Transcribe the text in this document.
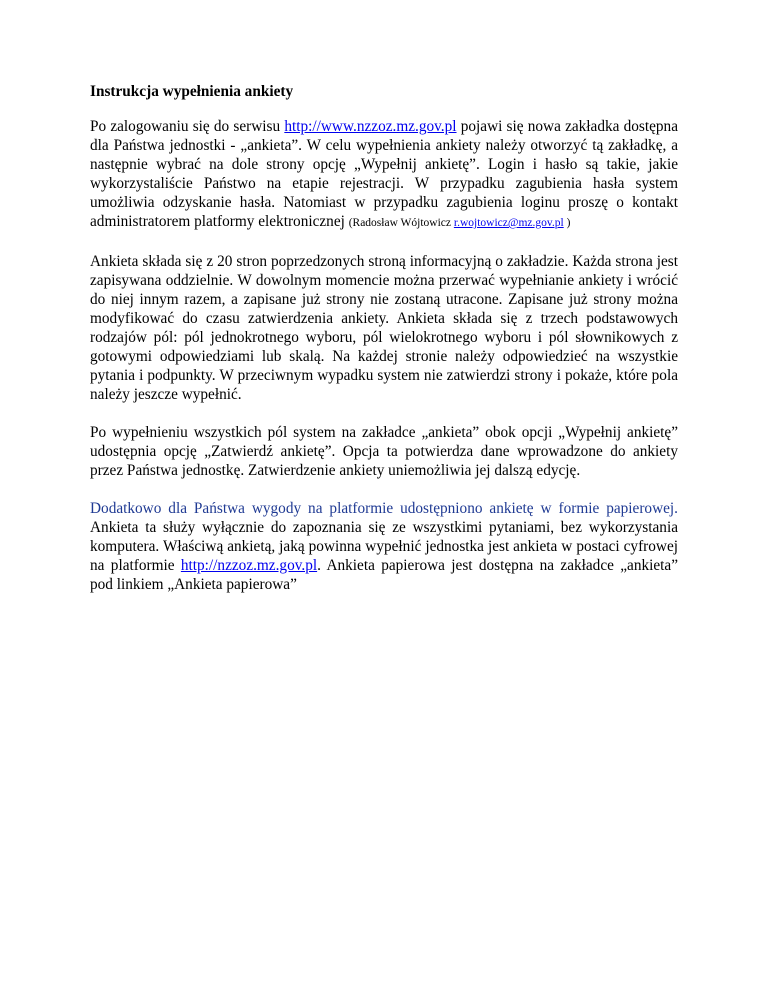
Instrukcja wypełnienia ankiety

Po zalogowaniu się do serwisu http://www.nzzoz.mz.gov.pl pojawi się nowa zakładka dostępna dla Państwa jednostki - „ankieta”. W celu wypełnienia ankiety należy otworzyć tą zakładkę, a następnie wybrać na dole strony opcję „Wypełnij ankietę”. Login i hasło są takie, jakie wykorzystaliście Państwo na etapie rejestracji. W przypadku zagubienia hasła system umożliwia odzyskanie hasła. Natomiast w przypadku zagubienia loginu proszę o kontakt administratorem platformy elektronicznej (Radosław Wójtowicz r.wojtowicz@mz.gov.pl )

Ankieta składa się z 20 stron poprzedzonych stroną informacyjną o zakładzie. Każda strona jest zapisywana oddzielnie. W dowolnym momencie można przerwać wypełnianie ankiety i wrócić do niej innym razem, a zapisane już strony nie zostaną utracone. Zapisane już strony można modyfikować do czasu zatwierdzenia ankiety. Ankieta składa się z trzech podstawowych rodzajów pól: pól jednokrotnego wyboru, pól wielokrotnego wyboru i pól słownikowych z gotowymi odpowiedziami lub skalą. Na każdej stronie należy odpowiedzieć na wszystkie pytania i podpunkty. W przeciwnym wypadku system nie zatwierdzi strony i pokaże, które pola należy jeszcze wypełnić.

Po wypełnieniu wszystkich pól system na zakładce „ankieta” obok opcji „Wypełnij ankietę” udostępnia opcję „Zatwierdź ankietę”. Opcja ta potwierdza dane wprowadzone do ankiety przez Państwa jednostkę. Zatwierdzenie ankiety uniemożliwia jej dalszą edycję.

Dodatkowo dla Państwa wygody na platformie udostępniono ankietę w formie papierowej. Ankieta ta służy wyłącznie do zapoznania się ze wszystkimi pytaniami, bez wykorzystania komputera. Właściwą ankietą, jaką powinna wypełnić jednostka jest ankieta w postaci cyfrowej na platformie http://nzzoz.mz.gov.pl. Ankieta papierowa jest dostępna na zakładce „ankieta” pod linkiem „Ankieta papierowa”
